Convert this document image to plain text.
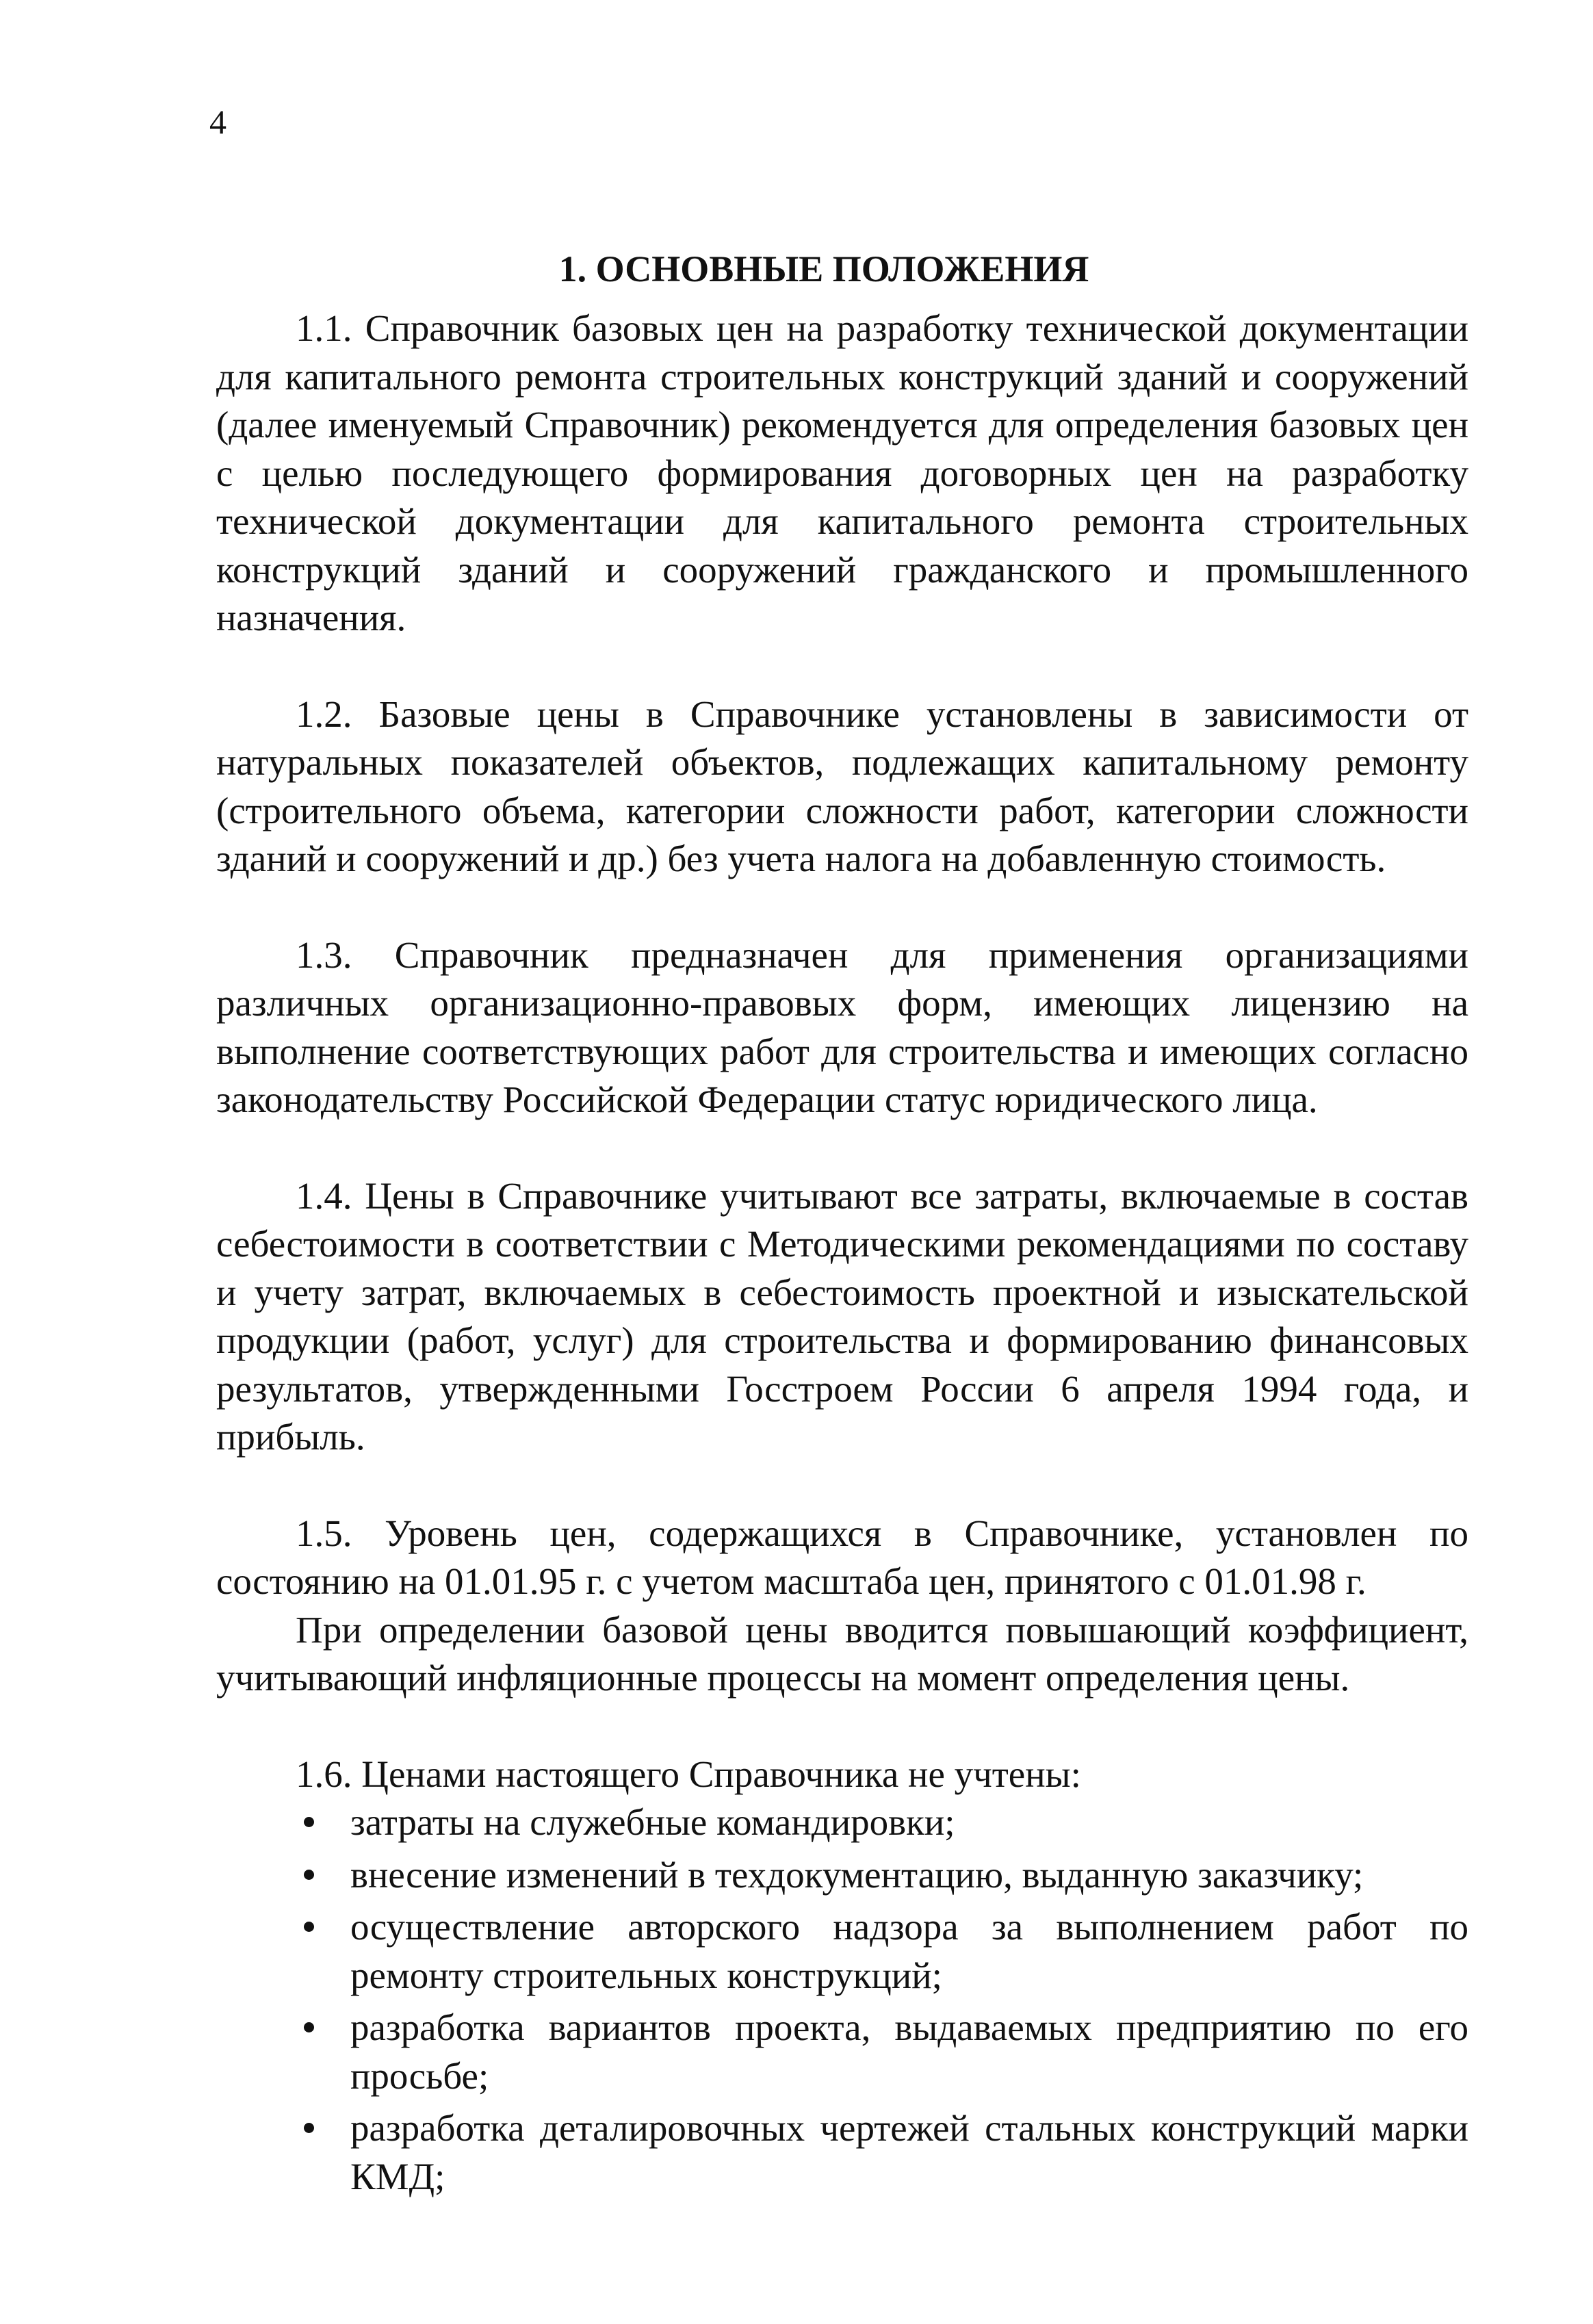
4
1. ОСНОВНЫЕ ПОЛОЖЕНИЯ

1.1. Справочник базовых цен на разработку технической документации для капитального ремонта строительных конструкций зданий и сооружений (далее именуемый Справочник) рекомендуется для определения базовых цен с целью последующего формирования договорных цен на разработку технической документации для капитального ремонта строительных конструкций зданий и сооружений гражданского и промышленного назначения.

1.2. Базовые цены в Справочнике установлены в зависимости от натуральных показателей объектов, подлежащих капитальному ремонту (строительного объема, категории сложности работ, категории сложности зданий и сооружений и др.) без учета налога на добавленную стоимость.

1.3. Справочник предназначен для применения организациями различных организационно-правовых форм, имеющих лицензию на выполнение соответствующих работ для строительства и имеющих согласно законодательству Российской Федерации статус юридического лица.

1.4. Цены в Справочнике учитывают все затраты, включаемые в состав себестоимости в соответствии с Методическими рекомендациями по составу и учету затрат, включаемых в себестоимость проектной и изыскательской продукции (работ, услуг) для строительства и формированию финансовых результатов, утвержденными Госстроем России 6 апреля 1994 года, и прибыль.

1.5. Уровень цен, содержащихся в Справочнике, установлен по состоянию на 01.01.95 г. с учетом масштаба цен, принятого с 01.01.98 г.

При определении базовой цены вводится повышающий коэффициент, учитывающий инфляционные процессы на момент определения цены.

1.6. Ценами настоящего Справочника не учтены:

затраты на служебные командировки;
внесение изменений в техдокументацию, выданную заказчику;
осуществление авторского надзора за выполнением работ по ремонту строительных конструкций;
разработка вариантов проекта, выдаваемых предприятию по его просьбе;
разработка деталировочных чертежей стальных конструкций марки КМД;
